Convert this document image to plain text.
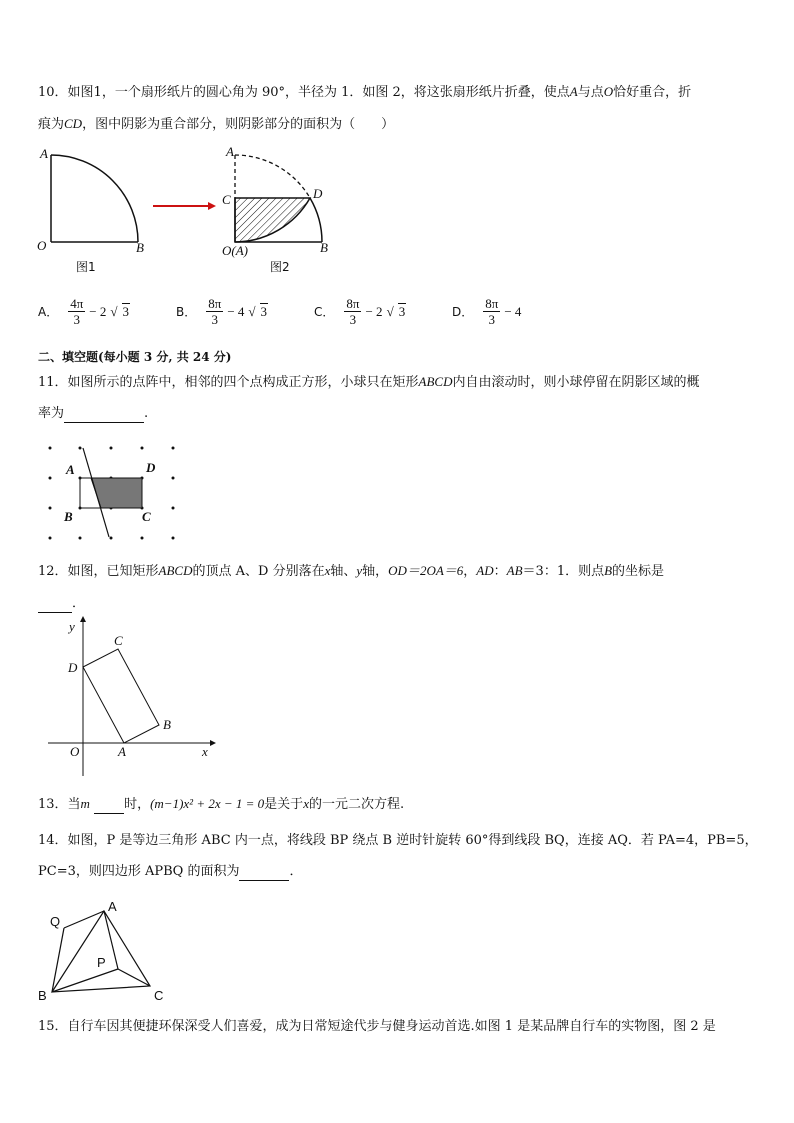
10．如图1，一个扇形纸片的圆心角为 90°，半径为 1．如图 2，将这张扇形纸片折叠，使点A与点O恰好重合，折
痕为CD，图中阴影为重合部分，则阴影部分的面积为（　　）
A
O	B
图1
A
C	D
O(A)	B
图2
A． $\frac{4\pi}{3} - 2$ √ 3	B． $\frac{8\pi}{3} - 4$ √ 3	C． $\frac{8\pi}{3} - 2$ √ 3	D． $\frac{8\pi}{3} - 4$
二、填空题(每小题 3 分, 共 24 分)
11．如图所示的点阵中，相邻的四个点构成正方形，小球只在矩形ABCD内自由滚动时，则小球停留在阴影区域的概
率为	.
A	D
B	C
12．如图，已知矩形ABCD的顶点 A、D 分别落在x轴、y轴，OD＝2OA＝6，AD：AB＝3：1．则点B的坐标是
．
y
x
O	A
B
C
D
13．当m	时，(m−1)x² + 2x − 1 = 0是关于x的一元二次方程.
14．如图，P 是等边三角形 ABC 内一点，将线段 BP 绕点 B 逆时针旋转 60°得到线段 BQ，连接 AQ．若 PA=4，PB=5，
PC=3，则四边形 APBQ 的面积为	．
Q
A
P
B	C
15．自行车因其便捷环保深受人们喜爱，成为日常短途代步与健身运动首选.如图 1 是某品牌自行车的实物图，图 2 是
